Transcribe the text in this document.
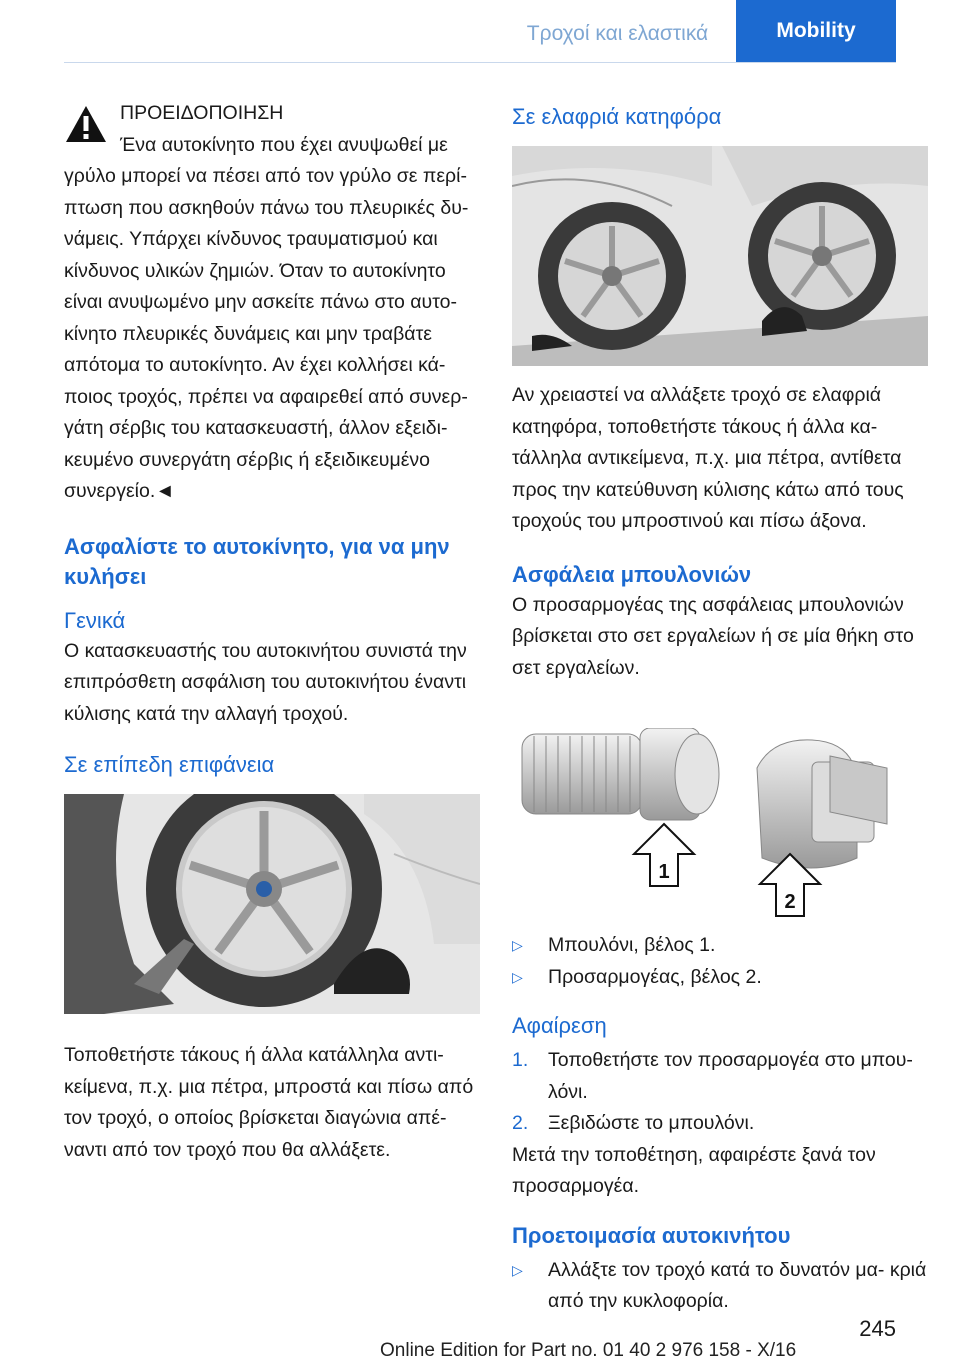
Τροχοί και ελαστικά	Mobility
ΠΡΟΕΙΔΟΠΟΙΗΣΗ

Ένα αυτοκίνητο που έχει ανυψωθεί με γρύλο μπορεί να πέσει από τον γρύλο σε περί- πτωση που ασκηθούν πάνω του πλευρικές δυ- νάμεις. Υπάρχει κίνδυνος τραυματισμού και κίνδυνος υλικών ζημιών. Όταν το αυτοκίνητο είναι ανυψωμένο μην ασκείτε πάνω στο αυτο- κίνητο πλευρικές δυνάμεις και μην τραβάτε απότομα το αυτοκίνητο. Αν έχει κολλήσει κά- ποιος τροχός, πρέπει να αφαιρεθεί από συνερ- γάτη σέρβις του κατασκευαστή, άλλον εξειδι- κευμένο συνεργάτη σέρβις ή εξειδικευμένο συνεργείο.◄

Ασφαλίστε το αυτοκίνητο, για να μην κυλήσει
Γενικά

Ο κατασκευαστής του αυτοκινήτου συνιστά την επιπρόσθετη ασφάλιση του αυτοκινήτου έναντι κύλισης κατά την αλλαγή τροχού.

Σε επίπεδη επιφάνεια

Τοποθετήστε τάκους ή άλλα κατάλληλα αντι- κείμενα, π.χ. μια πέτρα, μπροστά και πίσω από τον τροχό, ο οποίος βρίσκεται διαγώνια απέ- ναντι από τον τροχό που θα αλλάξετε.

Σε ελαφριά κατηφόρα

Αν χρειαστεί να αλλάξετε τροχό σε ελαφριά κατηφόρα, τοποθετήστε τάκους ή άλλα κα- τάλληλα αντικείμενα, π.χ. μια πέτρα, αντίθετα προς την κατεύθυνση κύλισης κάτω από τους τροχούς του μπροστινού και πίσω άξονα.

Ασφάλεια μπουλονιών

Ο προσαρμογέας της ασφάλειας μπουλονιών βρίσκεται στο σετ εργαλείων ή σε μία θήκη στο σετ εργαλείων.

1
2
▷ Μπουλόνι, βέλος 1.
▷ Προσαρμογέας, βέλος 2.
Αφαίρεση
1. Τοποθετήστε τον προσαρμογέα στο μπου- λόνι.
2. Ξεβιδώστε το μπουλόνι.

Μετά την τοποθέτηση, αφαιρέστε ξανά τον προσαρμογέα.

Προετοιμασία αυτοκινήτου
▷ Αλλάξτε τον τροχό κατά το δυνατόν μα- κριά από την κυκλοφορία.
245
Online Edition for Part no. 01 40 2 976 158 - X/16
